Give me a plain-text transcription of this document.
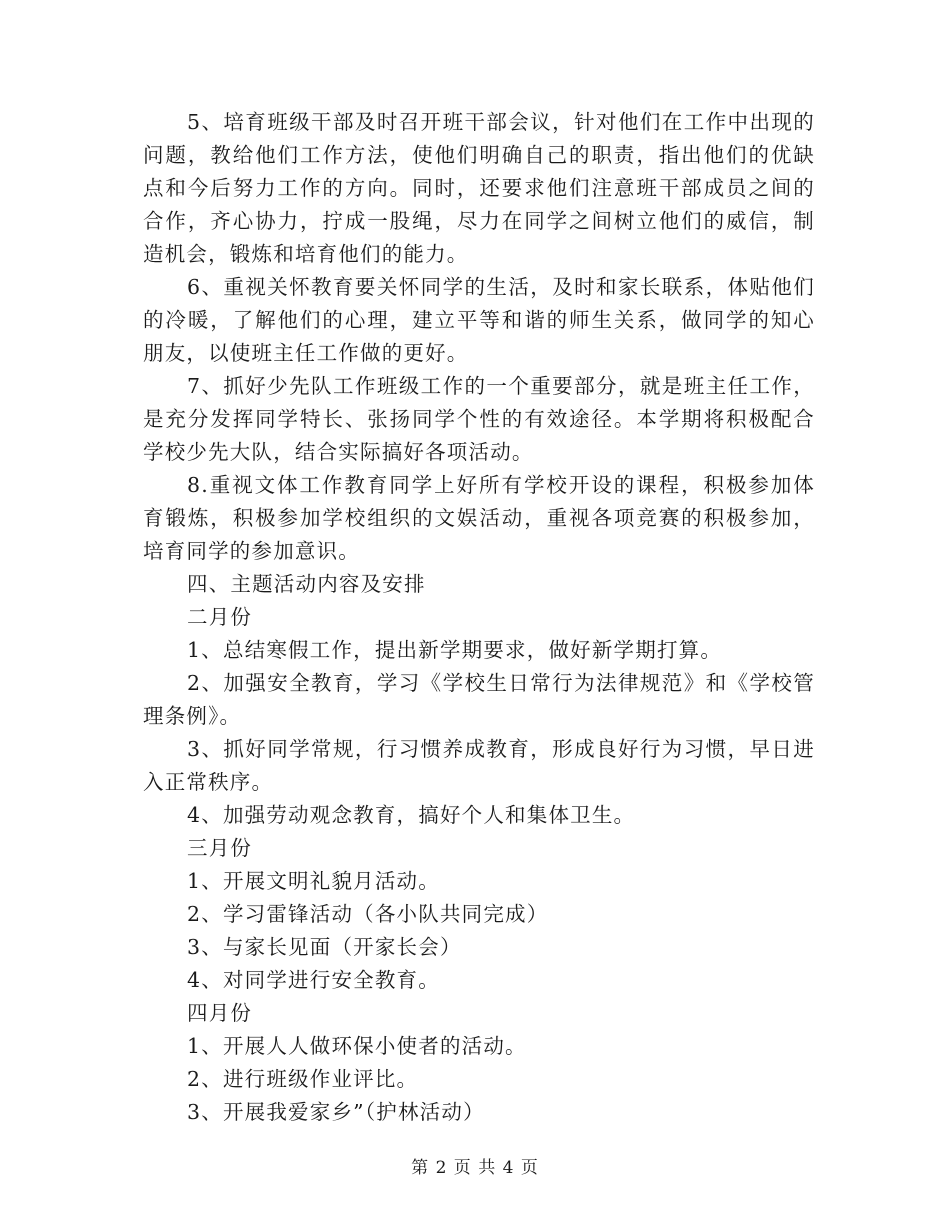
5、培育班级干部及时召开班干部会议，针对他们在工作中出现的问题，教给他们工作方法，使他们明确自己的职责，指出他们的优缺点和今后努力工作的方向。同时，还要求他们注意班干部成员之间的合作，齐心协力，拧成一股绳，尽力在同学之间树立他们的威信，制造机会，锻炼和培育他们的能力。

6、重视关怀教育要关怀同学的生活，及时和家长联系，体贴他们的冷暖，了解他们的心理，建立平等和谐的师生关系，做同学的知心朋友，以使班主任工作做的更好。

7、抓好少先队工作班级工作的一个重要部分，就是班主任工作，是充分发挥同学特长、张扬同学个性的有效途径。本学期将积极配合学校少先大队，结合实际搞好各项活动。

8.重视文体工作教育同学上好所有学校开设的课程，积极参加体育锻炼，积极参加学校组织的文娱活动，重视各项竞赛的积极参加，培育同学的参加意识。

四、主题活动内容及安排

二月份

1、总结寒假工作，提出新学期要求，做好新学期打算。

2、加强安全教育，学习《学校生日常行为法律规范》和《学校管理条例》。

3、抓好同学常规，行习惯养成教育，形成良好行为习惯，早日进入正常秩序。

4、加强劳动观念教育，搞好个人和集体卫生。

三月份

1、开展文明礼貌月活动。

2、学习雷锋活动（各小队共同完成）

3、与家长见面（开家长会）

4、对同学进行安全教育。

四月份

1、开展人人做环保小使者的活动。

2、进行班级作业评比。

3、开展我爱家乡”（护林活动）

第 2 页 共 4 页
